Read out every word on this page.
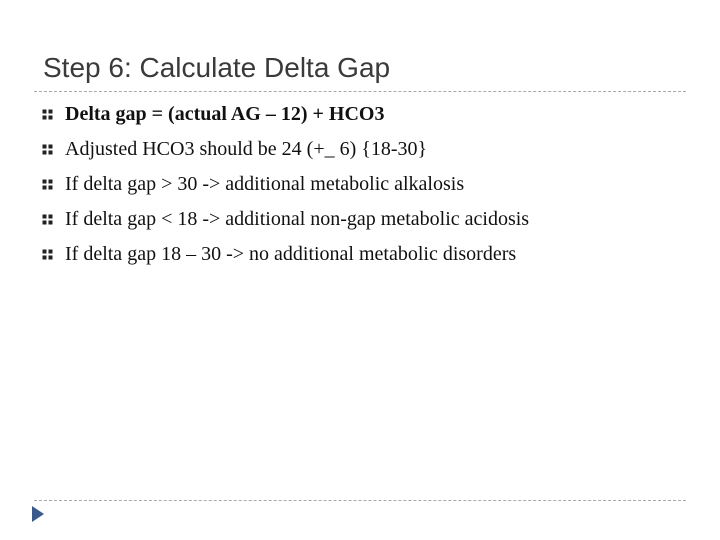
Step 6: Calculate Delta Gap
Delta gap = (actual AG – 12) + HCO3
Adjusted HCO3 should be 24 (+_ 6) {18-30}
If delta gap > 30 -> additional metabolic alkalosis
If delta gap < 18 -> additional non-gap metabolic acidosis
If delta gap 18 – 30 -> no additional metabolic disorders
